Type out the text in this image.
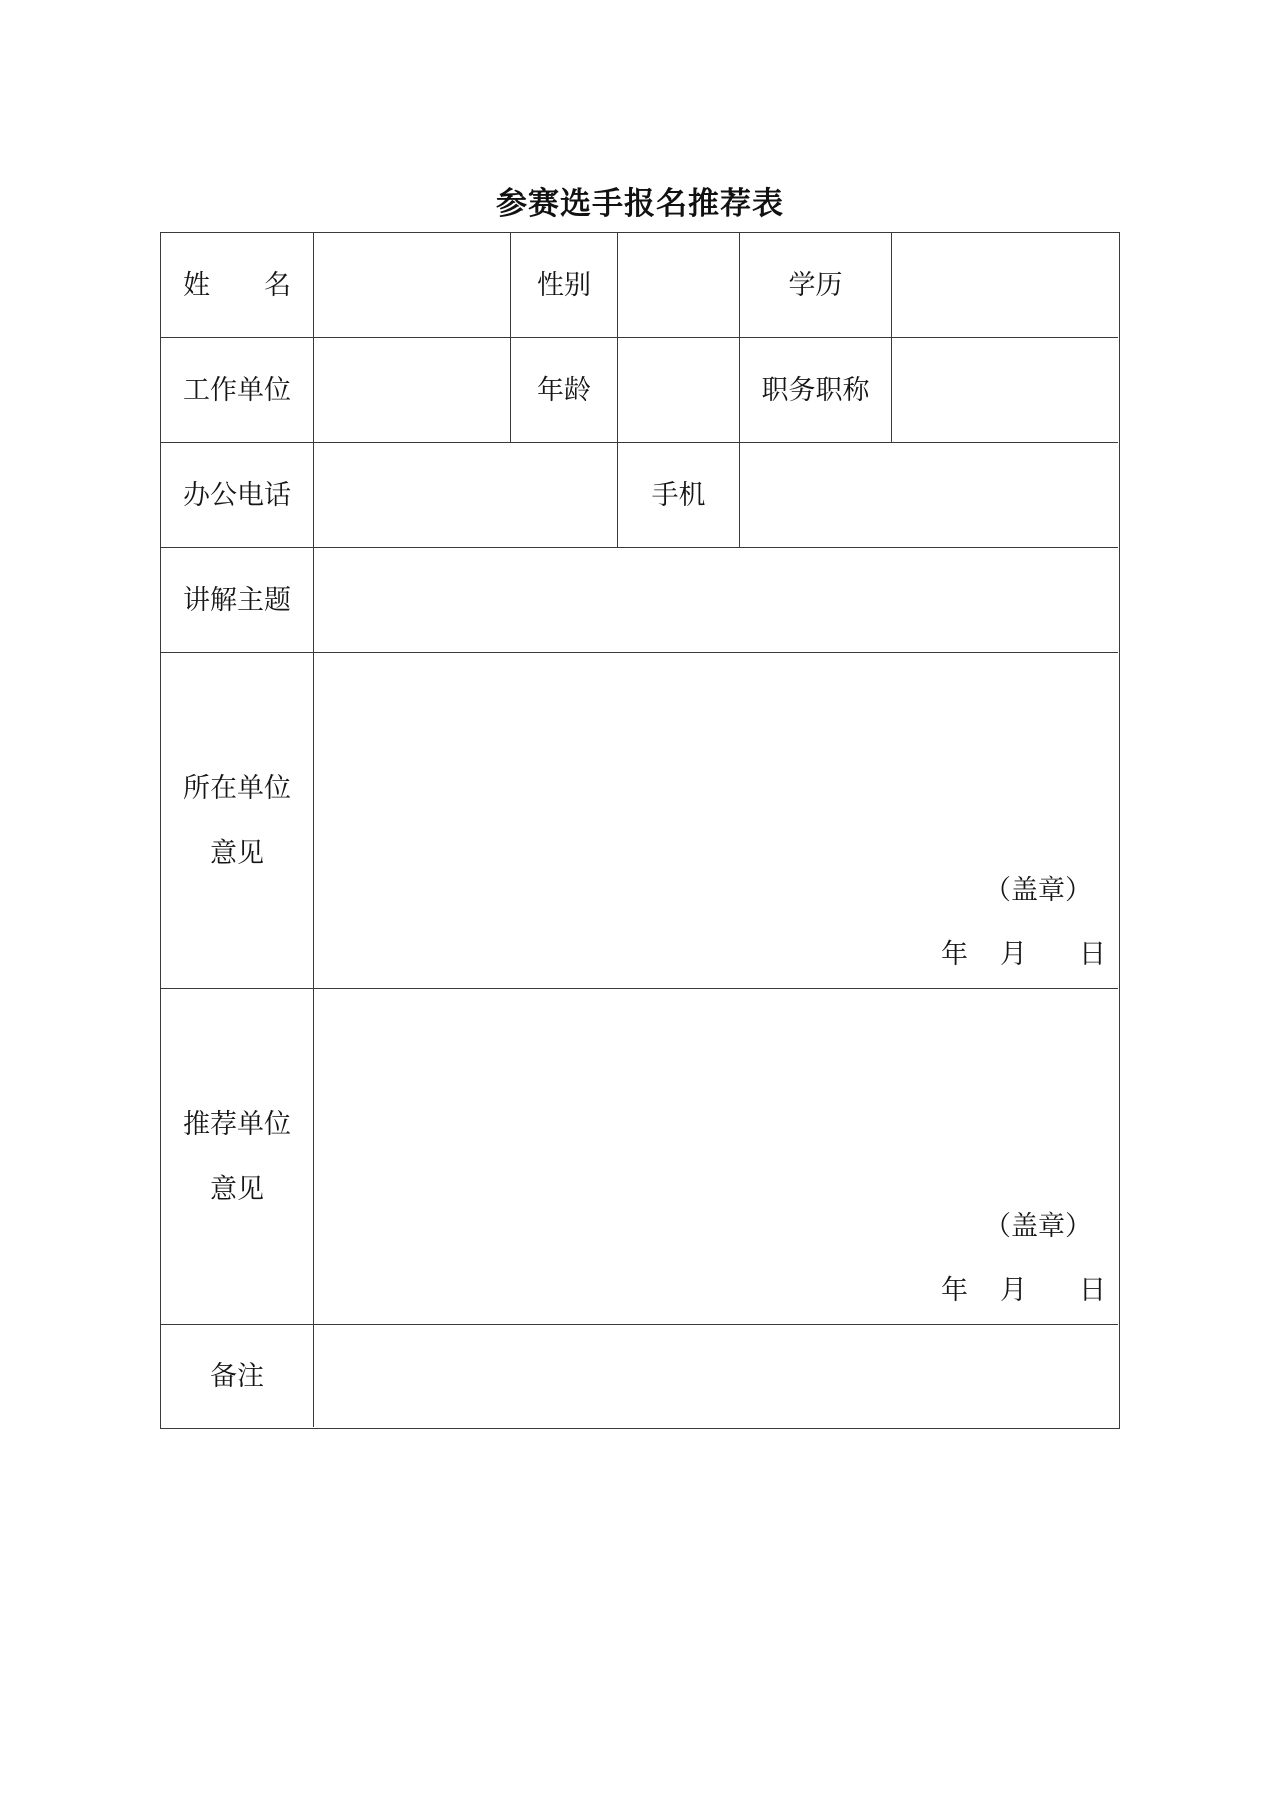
参赛选手报名推荐表
姓 名	性别	学历
工作单位	年龄	职务职称
办公电话	手机
讲解主题
所在单位
意见
（盖章）
年 月 日
推荐单位
意见
（盖章）
年 月 日
备注
